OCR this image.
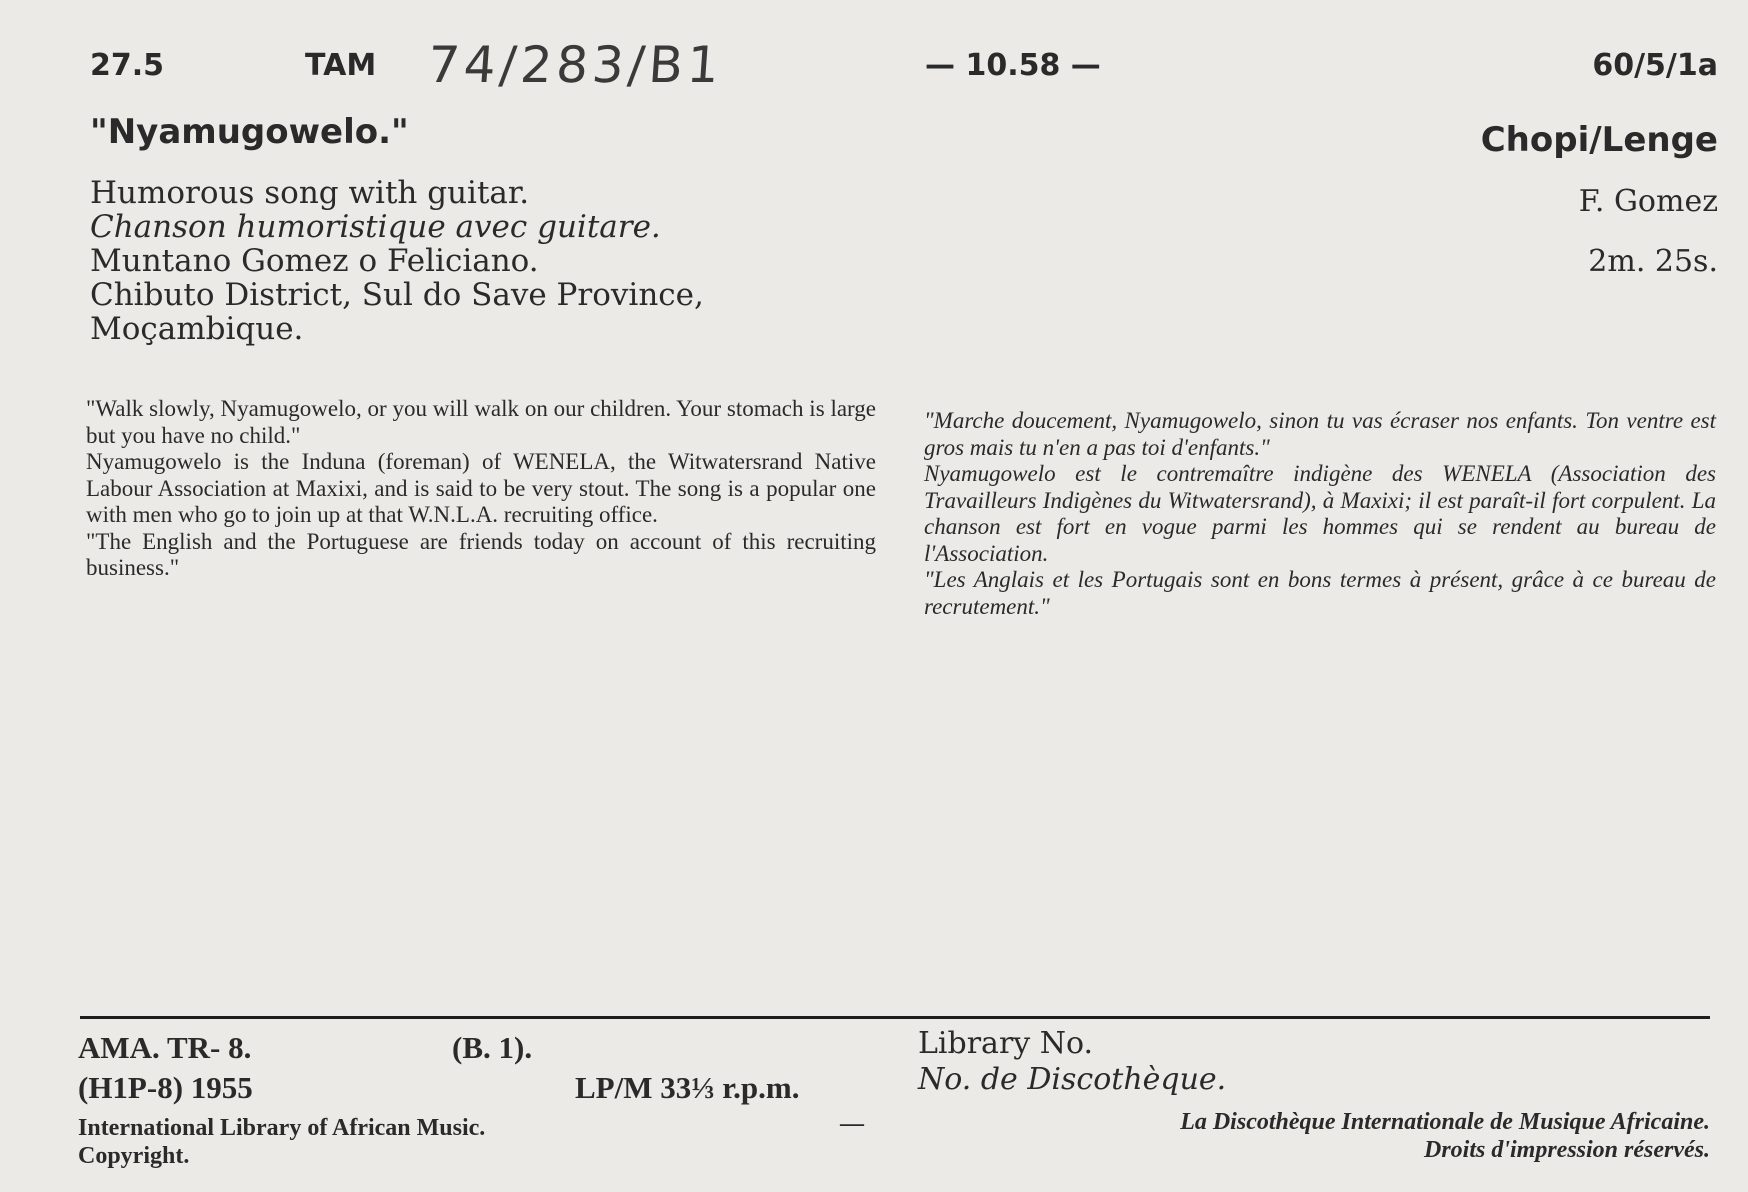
27.5	TAM 74/283/B1	— 10.58 —	60/5/1a
"Nyamugowelo."	Chopi/Lenge
Humorous song with guitar.
Chanson humoristique avec guitare.
Muntano Gomez o Feliciano.
Chibuto District, Sul do Save Province,
Moçambique.
F. Gomez
2m. 25s.

"Walk slowly, Nyamugowelo, or you will walk on our children. Your stomach is large but you have no child."

Nyamugowelo is the Induna (foreman) of WENELA, the Witwatersrand Native Labour Association at Maxixi, and is said to be very stout. The song is a popular one with men who go to join up at that W.N.L.A. recruiting office.

"The English and the Portuguese are friends today on account of this recruiting business."

"Marche doucement, Nyamugowelo, sinon tu vas écraser nos enfants. Ton ventre est gros mais tu n'en a pas toi d'enfants."

Nyamugowelo est le contremaître indigène des WENELA (Association des Travailleurs Indigènes du Witwatersrand), à Maxixi; il est paraît-il fort corpulent. La chanson est fort en vogue parmi les hommes qui se rendent au bureau de l'Association.

"Les Anglais et les Portugais sont en bons termes à présent, grâce à ce bureau de recrutement."

AMA. TR- 8.	(B. 1).
(H1P-8) 1955	LP/M 33⅓ r.p.m.
International Library of African Music.
Copyright.
—
Library No.
No. de Discothèque.
La Discothèque Internationale de Musique Africaine.
Droits d'impression réservés.
